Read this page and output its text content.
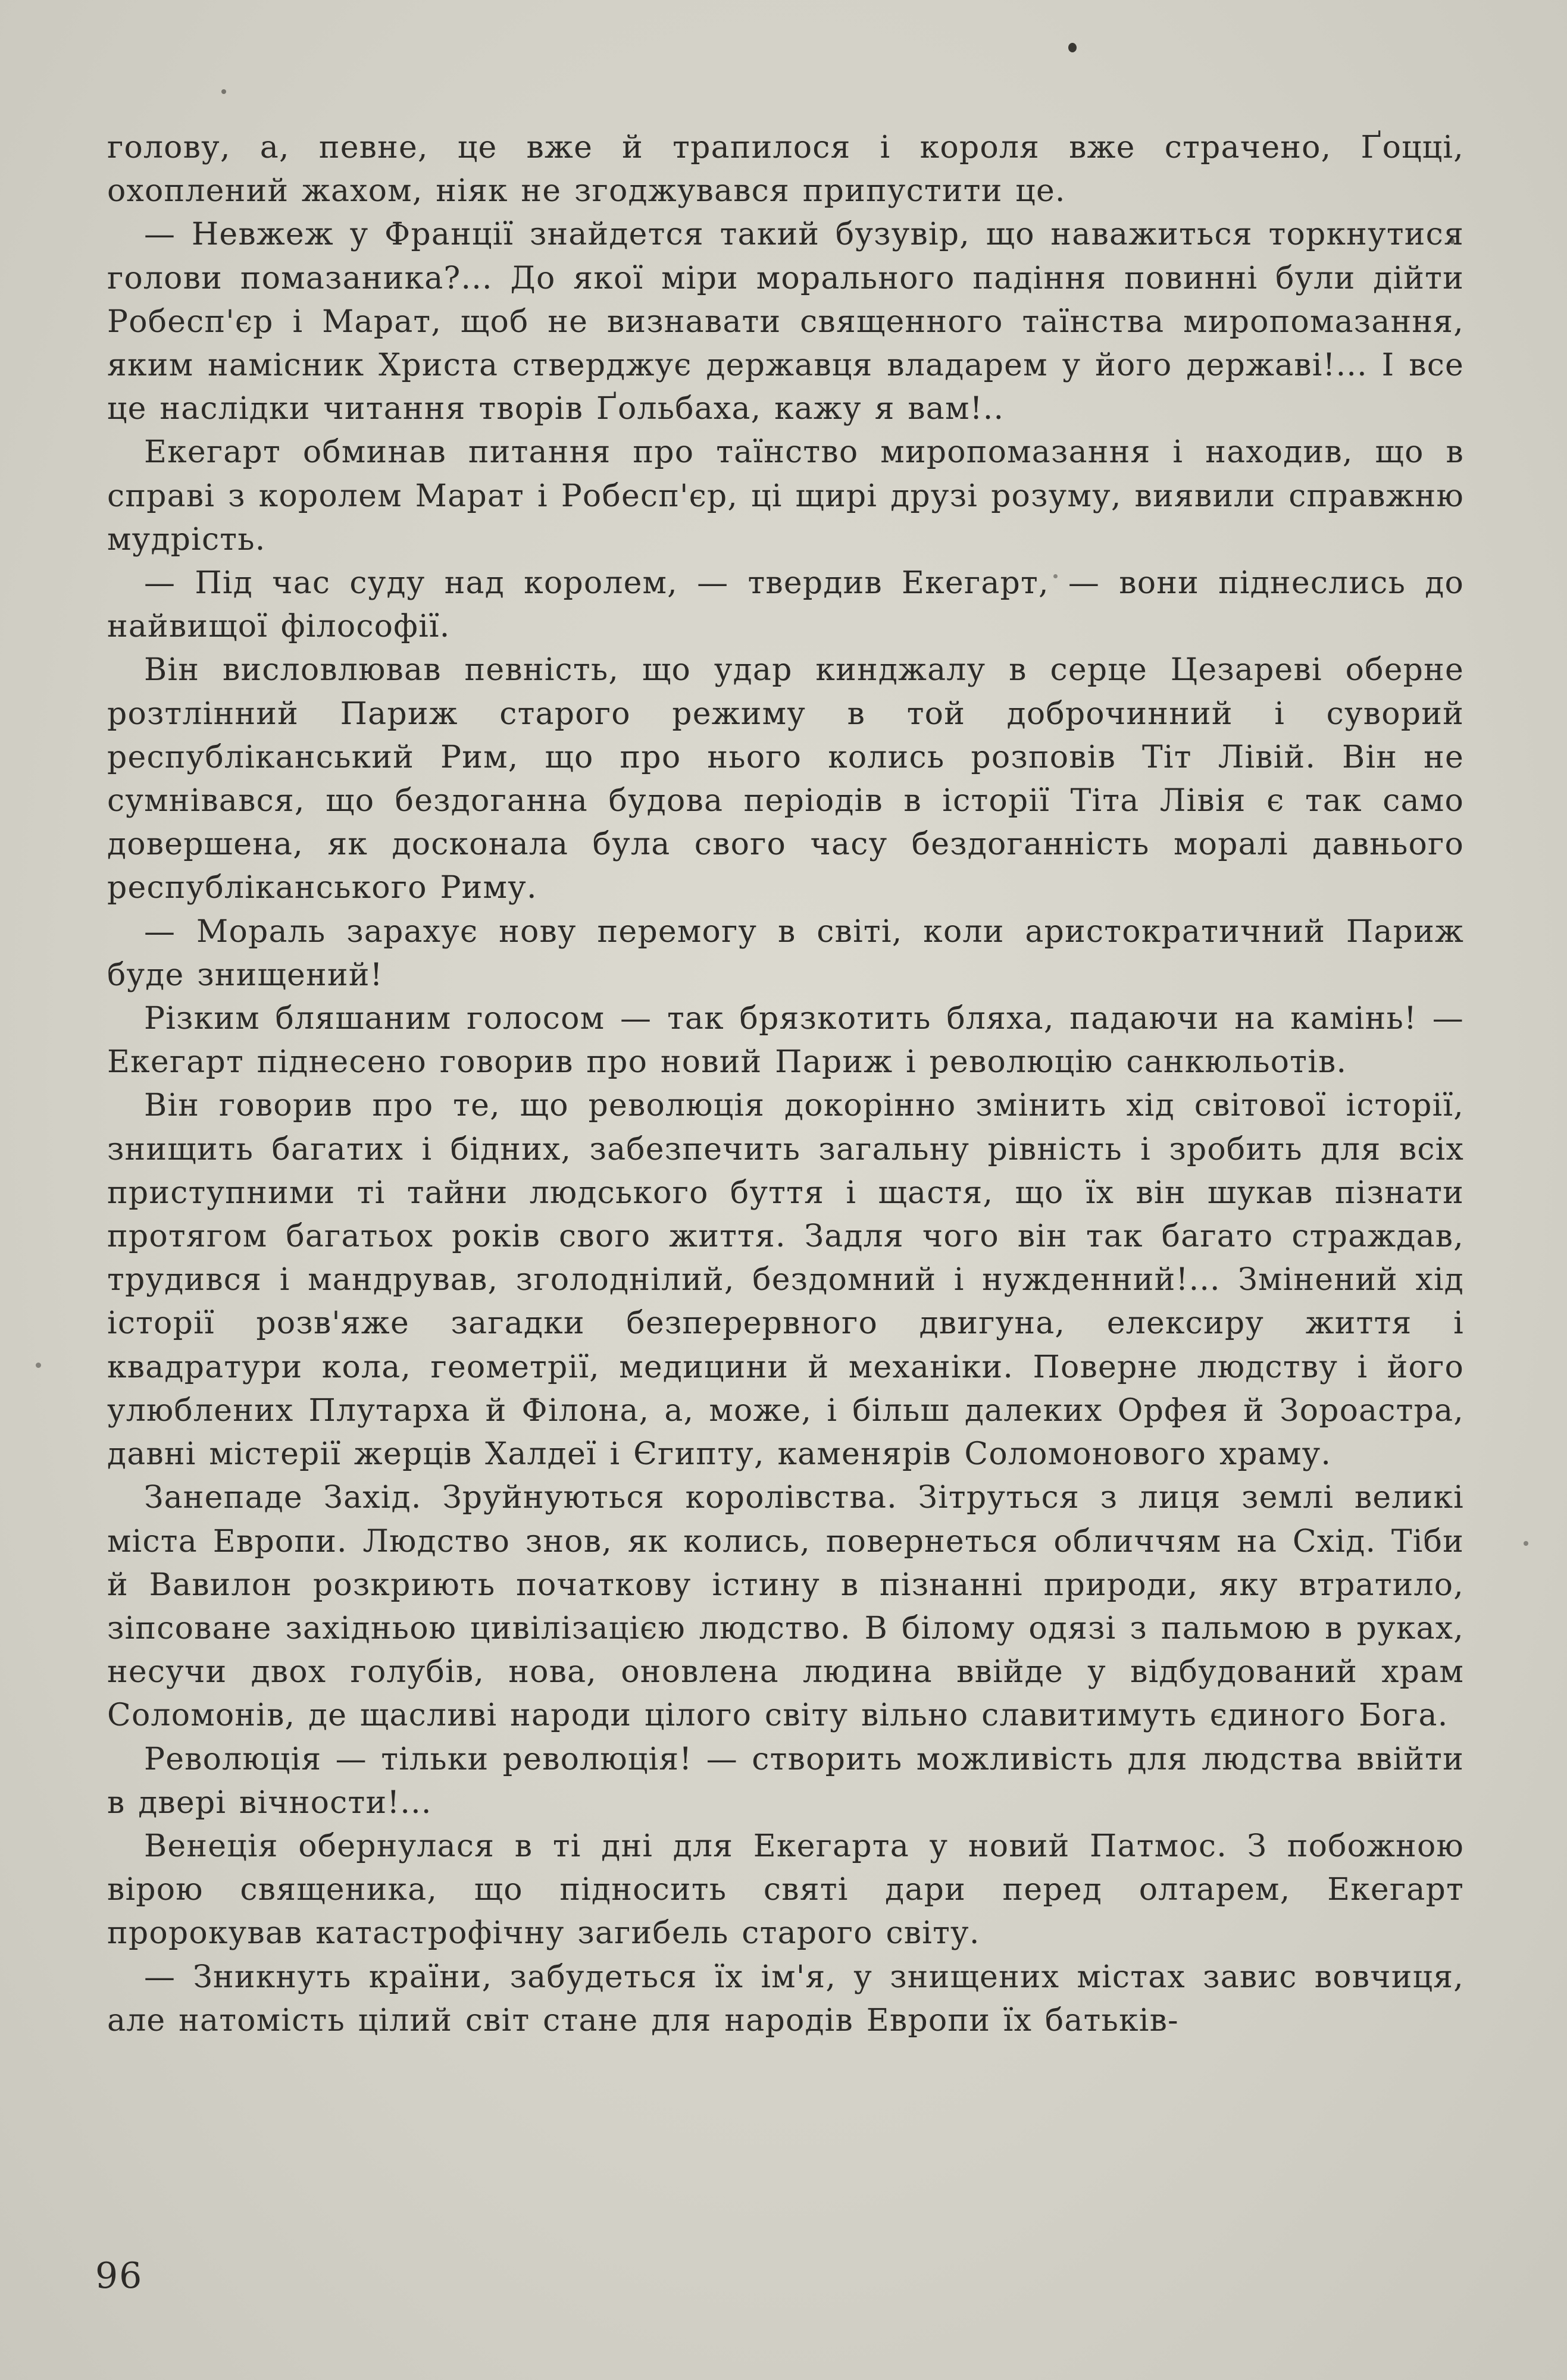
голову, а, певне, це вже й трапилося і короля вже страчено, Ґоцці, охоплений жахом, ніяк не згоджувався припустити це.

— Невжеж у Франції знайдется такий бузувір, що наважиться торкнутися голови помазаника?... До якої міри морального падіння повинні були дійти Робесп'єр і Марат, щоб не визнавати священного таїнства миропомазання, яким намісник Христа стверджує державця владарем у його державі!... І все це наслідки читання творів Ґольбаха, кажу я вам!..

Екегарт обминав питання про таїнство миропомазання і находив, що в справі з королем Марат і Робесп'єр, ці щирі друзі розуму, виявили справжню мудрість.

— Під час суду над королем, — твердив Екегарт, — вони піднеслись до найвищої філософії.

Він висловлював певність, що удар кинджалу в серце Цезареві оберне розтлінний Париж старого режиму в той доброчинний і суворий республіканський Рим, що про нього колись розповів Тіт Лівій. Він не сумнівався, що бездоганна будова періодів в історії Тіта Лівія є так само довершена, як досконала була свого часу бездоганність моралі давнього республіканського Риму.

— Мораль зарахує нову перемогу в світі, коли аристократичний Париж буде знищений!

Різким бляшаним голосом — так брязкотить бляха, падаючи на камінь! — Екегарт піднесено говорив про новий Париж і революцію санкюльотів.

Він говорив про те, що революція докорінно змінить хід світової історії, знищить багатих і бідних, забезпечить загальну рівність і зробить для всіх приступними ті тайни людського буття і щастя, що їх він шукав пізнати протягом багатьох років свого життя. Задля чого він так багато страждав, трудився і мандрував, зголоднілий, бездомний і нужденний!... Змінений хід історії розв'яже загадки безперервного двигуна, елексиру життя і квадратури кола, геометрії, медицини й механіки. Поверне людству і його улюблених Плутарха й Філона, а, може, і більш далеких Орфея й Зороастра, давні містерії жерців Халдеї і Єгипту, каменярів Соломонового храму.

Занепаде Захід. Зруйнуються королівства. Зітруться з лиця землі великі міста Европи. Людство знов, як колись, повернеться обличчям на Схід. Тіби й Вавилон розкриють початкову істину в пізнанні природи, яку втратило, зіпсоване західньою цивілізацією людство. В білому одязі з пальмою в руках, несучи двох голубів, нова, оновлена людина ввійде у відбудований храм Соломонів, де щасливі народи цілого світу вільно славитимуть єдиного Бога.

Революція — тільки революція! — створить можливість для людства ввійти в двері вічности!...

Венеція обернулася в ті дні для Екегарта у новий Патмос. З побожною вірою священика, що підносить святі дари перед олтарем, Екегарт пророкував катастрофічну загибель старого світу.

— Зникнуть країни, забудеться їх ім'я, у знищених містах завис вовчиця, але натомість цілий світ стане для народів Европи їх батьків-

96
